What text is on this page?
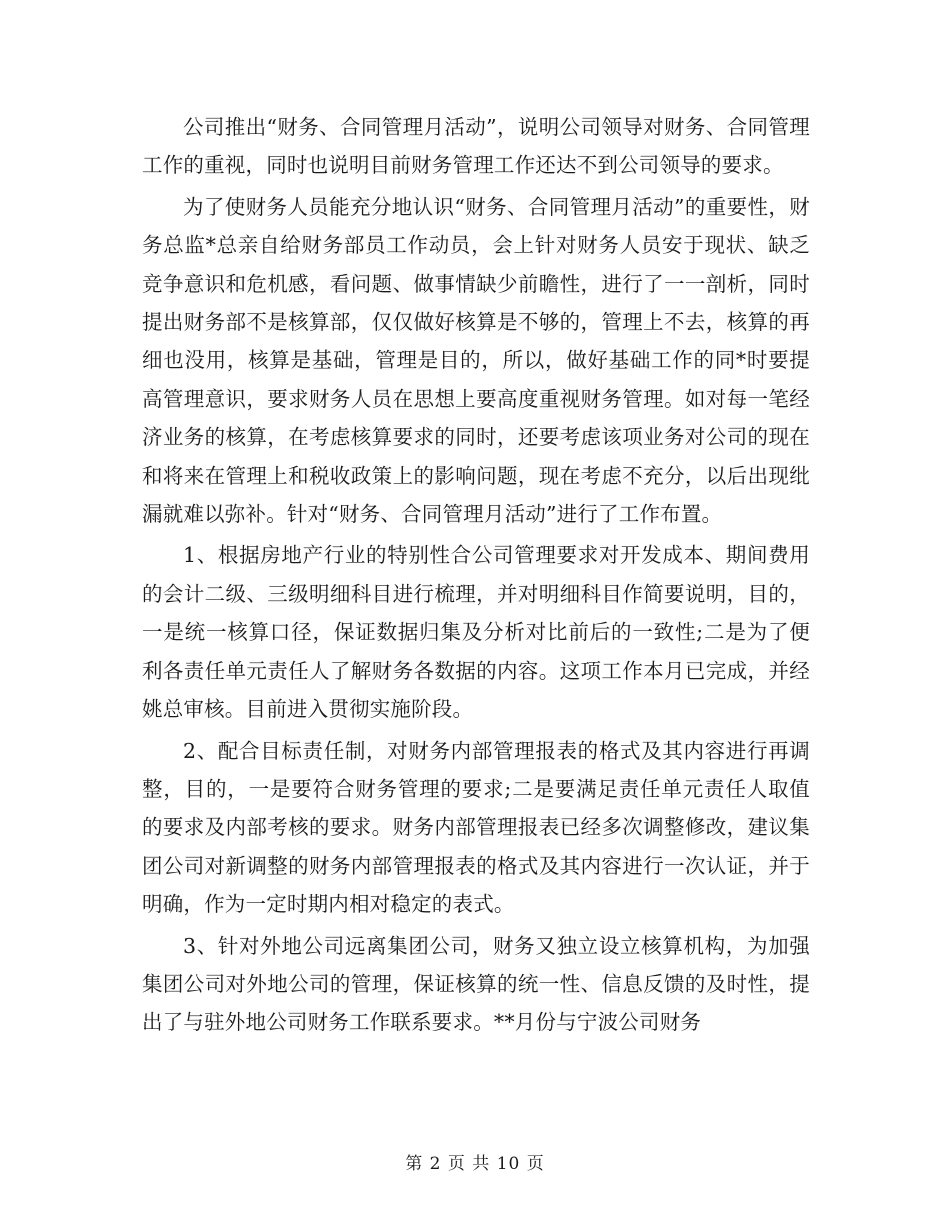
公司推出“财务、合同管理月活动”，说明公司领导对财务、合同管理工作的重视，同时也说明目前财务管理工作还达不到公司领导的要求。

为了使财务人员能充分地认识“财务、合同管理月活动”的重要性，财务总监*总亲自给财务部员工作动员，会上针对财务人员安于现状、缺乏竞争意识和危机感，看问题、做事情缺少前瞻性，进行了一一剖析，同时提出财务部不是核算部，仅仅做好核算是不够的，管理上不去，核算的再细也没用，核算是基础，管理是目的，所以，做好基础工作的同*时要提高管理意识，要求财务人员在思想上要高度重视财务管理。如对每一笔经济业务的核算，在考虑核算要求的同时，还要考虑该项业务对公司的现在和将来在管理上和税收政策上的影响问题，现在考虑不充分，以后出现纰漏就难以弥补。针对“财务、合同管理月活动”进行了工作布置。

1、根据房地产行业的特别性合公司管理要求对开发成本、期间费用的会计二级、三级明细科目进行梳理，并对明细科目作简要说明，目的，一是统一核算口径，保证数据归集及分析对比前后的一致性;二是为了便利各责任单元责任人了解财务各数据的内容。这项工作本月已完成，并经姚总审核。目前进入贯彻实施阶段。

2、配合目标责任制，对财务内部管理报表的格式及其内容进行再调整，目的，一是要符合财务管理的要求;二是要满足责任单元责任人取值的要求及内部考核的要求。财务内部管理报表已经多次调整修改，建议集团公司对新调整的财务内部管理报表的格式及其内容进行一次认证，并于明确，作为一定时期内相对稳定的表式。

3、针对外地公司远离集团公司，财务又独立设立核算机构，为加强集团公司对外地公司的管理，保证核算的统一性、信息反馈的及时性，提出了与驻外地公司财务工作联系要求。**月份与宁波公司财务

第 2 页 共 10 页
